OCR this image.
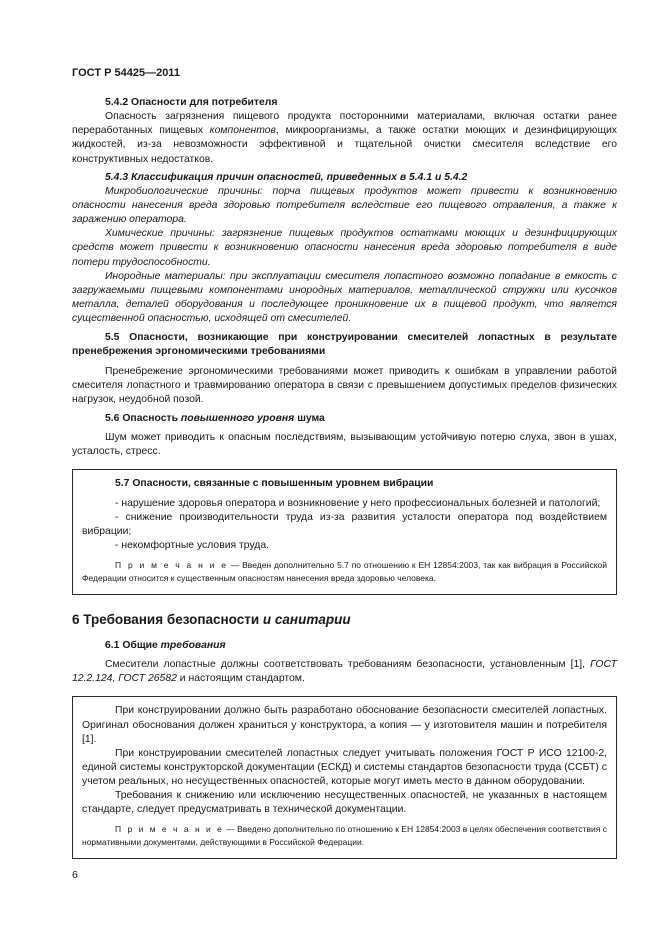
ГОСТ Р 54425—2011

5.4.2 Опасности для потребителя

Опасность загрязнения пищевого продукта посторонними материалами, включая остатки ранее переработанных пищевых компонентов, микроорганизмы, а также остатки моющих и дезинфицирующих жидкостей, из-за невозможности эффективной и тщательной очистки смесителя вследствие его конструктивных недостатков.

5.4.3 Классификация причин опасностей, приведенных в 5.4.1 и 5.4.2

Микробиологические причины: порча пищевых продуктов может привести к возникновению опасности нанесения вреда здоровью потребителя вследствие его пищевого отравления, а также к заражению оператора.

Химические причины: загрязнение пищевых продуктов остатками моющих и дезинфицирующих средств может привести к возникновению опасности нанесения вреда здоровью потребителя в виде потери трудоспособности.

Инородные материалы: при эксплуатации смесителя лопастного возможно попадание в емкость с загружаемыми пищевыми компонентами инородных материалов, металлической стружки или кусочков металла, деталей оборудования и последующее проникновение их в пищевой продукт, что является существенной опасностью, исходящей от смесителей.

5.5 Опасности, возникающие при конструировании смесителей лопастных в результате пренебрежения эргономическими требованиями

Пренебрежение эргономическими требованиями может приводить к ошибкам в управлении работой смесителя лопастного и травмированию оператора в связи с превышением допустимых пределов физических нагрузок, неудобной позой.

5.6 Опасность повышенного уровня шума

Шум может приводить к опасным последствиям, вызывающим устойчивую потерю слуха, звон в ушах, усталость, стресс.

5.7 Опасности, связанные с повышенным уровнем вибрации

- нарушение здоровья оператора и возникновение у него профессиональных болезней и патологий;

- снижение производительности труда из-за развития усталости оператора под воздействием вибрации;

- некомфортные условия труда.

П р и м е ч а н и е — Введен дополнительно 5.7 по отношению к ЕН 12854:2003, так как вибрация в Российской Федерации относится к существенным опасностям нанесения вреда здоровью человека.

6 Требования безопасности и санитарии

6.1 Общие требования

Смесители лопастные должны соответствовать требованиям безопасности, установленным [1], ГОСТ 12.2.124, ГОСТ 26582 и настоящим стандартом.

При конструировании должно быть разработано обоснование безопасности смесителей лопастных. Оригинал обоснования должен храниться у конструктора, а копия — у изготовителя машин и потребителя [1].

При конструировании смесителей лопастных следует учитывать положения ГОСТ Р ИСО 12100-2, единой системы конструкторской документации (ЕСКД) и системы стандартов безопасности труда (ССБТ) с учетом реальных, но несущественных опасностей, которые могут иметь место в данном оборудовании.

Требования к снижению или исключению несущественных опасностей, не указанных в настоящем стандарте, следует предусматривать в технической документации.

П р и м е ч а н и е — Введено дополнительно по отношению к ЕН 12854:2003 в целях обеспечения соответствия с нормативными документами, действующими в Российской Федерации.

6
